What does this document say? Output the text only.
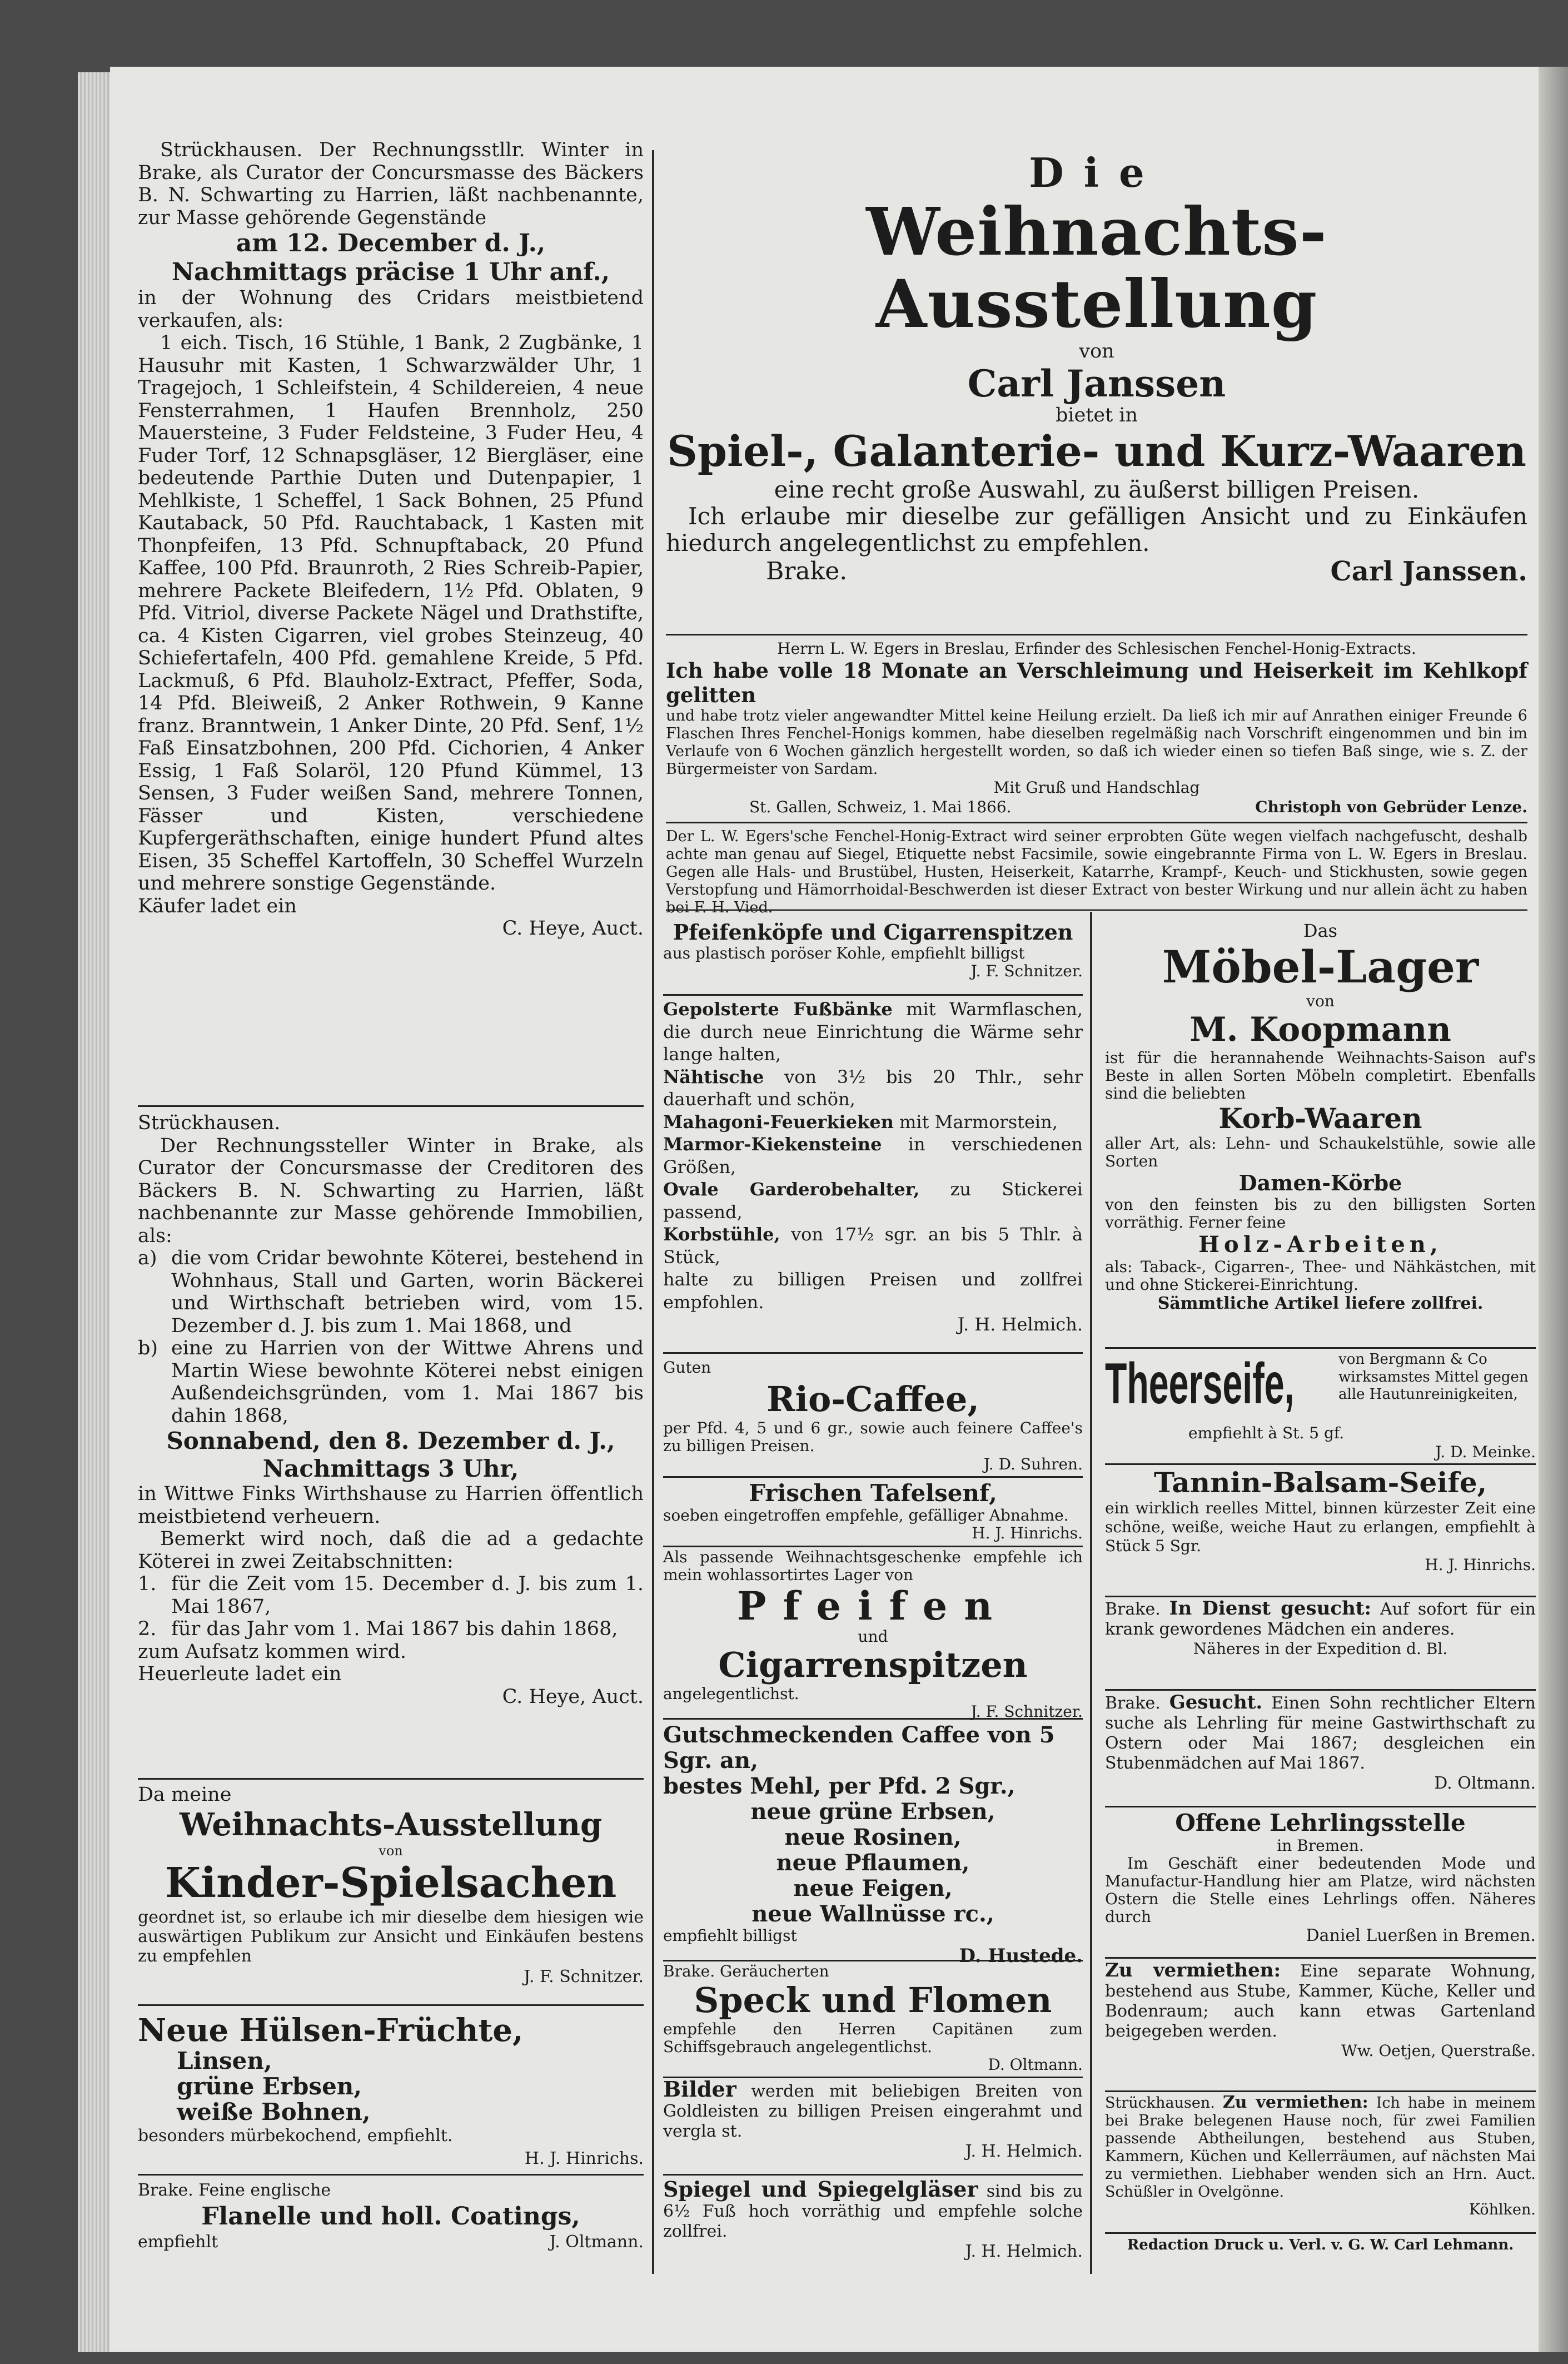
Strückhausen. Der Rechnungsstllr. Winter in Brake, als Curator der Concursmasse des Bäckers B. N. Schwarting zu Harrien, läßt nachbenannte, zur Masse gehörende Gegenstände

am 12. December d. J.,

Nachmittags präcise 1 Uhr anf.,

in der Wohnung des Cridars meistbietend verkaufen, als:

1 eich. Tisch, 16 Stühle, 1 Bank, 2 Zugbänke, 1 Hausuhr mit Kasten, 1 Schwarzwälder Uhr, 1 Tragejoch, 1 Schleifstein, 4 Schildereien, 4 neue Fensterrahmen, 1 Haufen Brennholz, 250 Mauersteine, 3 Fuder Feldsteine, 3 Fuder Heu, 4 Fuder Torf, 12 Schnapsgläser, 12 Biergläser, eine bedeutende Parthie Duten und Dutenpapier, 1 Mehlkiste, 1 Scheffel, 1 Sack Bohnen, 25 Pfund Kautaback, 50 Pfd. Rauchtaback, 1 Kasten mit Thonpfeifen, 13 Pfd. Schnupftaback, 20 Pfund Kaffee, 100 Pfd. Braunroth, 2 Ries Schreib-Papier, mehrere Packete Bleifedern, 1½ Pfd. Oblaten, 9 Pfd. Vitriol, diverse Packete Nägel und Drathstifte, ca. 4 Kisten Cigarren, viel grobes Steinzeug, 40 Schiefertafeln, 400 Pfd. gemahlene Kreide, 5 Pfd. Lackmuß, 6 Pfd. Blauholz-Extract, Pfeffer, Soda, 14 Pfd. Bleiweiß, 2 Anker Rothwein, 9 Kanne franz. Branntwein, 1 Anker Dinte, 20 Pfd. Senf, 1½ Faß Einsatzbohnen, 200 Pfd. Cichorien, 4 Anker Essig, 1 Faß Solaröl, 120 Pfund Kümmel, 13 Sensen, 3 Fuder weißen Sand, mehrere Tonnen, Fässer und Kisten, verschiedene Kupfergeräthschaften, einige hundert Pfund altes Eisen, 35 Scheffel Kartoffeln, 30 Scheffel Wurzeln und mehrere sonstige Gegenstände.

Käufer ladet ein

C. Heye, Auct.

Strückhausen.

Der Rechnungssteller Winter in Brake, als Curator der Concursmasse der Creditoren des Bäckers B. N. Schwarting zu Harrien, läßt nachbenannte zur Masse gehörende Immobilien, als:

a) die vom Cridar bewohnte Köterei, bestehend in Wohnhaus, Stall und Garten, worin Bäckerei und Wirthschaft betrieben wird, vom 15. Dezember d. J. bis zum 1. Mai 1868, und
b) eine zu Harrien von der Wittwe Ahrens und Martin Wiese bewohnte Köterei nebst einigen Außendeichsgründen, vom 1. Mai 1867 bis dahin 1868,

Sonnabend, den 8. Dezember d. J.,

Nachmittags 3 Uhr,

in Wittwe Finks Wirthshause zu Harrien öffentlich meistbietend verheuern.

Bemerkt wird noch, daß die ad a gedachte Köterei in zwei Zeitabschnitten:

1. für die Zeit vom 15. December d. J. bis zum 1. Mai 1867,
2. für das Jahr vom 1. Mai 1867 bis dahin 1868,

zum Aufsatz kommen wird.

Heuerleute ladet ein

C. Heye, Auct.

Da meine

Weihnachts-Ausstellung

von

Kinder-Spielsachen

geordnet ist, so erlaube ich mir dieselbe dem hiesigen wie auswärtigen Publikum zur Ansicht und Einkäufen bestens zu empfehlen

J. F. Schnitzer.

Neue Hülsen-Früchte,

Linsen,

grüne Erbsen,

weiße Bohnen,

besonders mürbekochend, empfiehlt.

H. J. Hinrichs.

Brake. Feine englische

Flanelle und holl. Coatings,

empfiehlt	J. Oltmann.

Die

Weihnachts-Ausstellung

von

Carl Janssen

bietet in

Spiel-, Galanterie- und Kurz-Waaren

eine recht große Auswahl, zu äußerst billigen Preisen.

Ich erlaube mir dieselbe zur gefälligen Ansicht und zu Einkäufen hiedurch angelegentlichst zu empfehlen.

Brake.	Carl Janssen.

Herrn L. W. Egers in Breslau, Erfinder des Schlesischen Fenchel-Honig-Extracts.

Ich habe volle 18 Monate an Verschleimung und Heiserkeit im Kehlkopf gelitten

und habe trotz vieler angewandter Mittel keine Heilung erzielt. Da ließ ich mir auf Anrathen einiger Freunde 6 Flaschen Ihres Fenchel-Honigs kommen, habe dieselben regelmäßig nach Vorschrift eingenommen und bin im Verlaufe von 6 Wochen gänzlich hergestellt worden, so daß ich wieder einen so tiefen Baß singe, wie s. Z. der Bürgermeister von Sardam.

Mit Gruß und Handschlag

St. Gallen, Schweiz, 1. Mai 1866.	Christoph von Gebrüder Lenze.

Der L. W. Egers'sche Fenchel-Honig-Extract wird seiner erprobten Güte wegen vielfach nachgefuscht, deshalb achte man genau auf Siegel, Etiquette nebst Facsimile, sowie eingebrannte Firma von L. W. Egers in Breslau. Gegen alle Hals- und Brustübel, Husten, Heiserkeit, Katarrhe, Krampf-, Keuch- und Stickhusten, sowie gegen Verstopfung und Hämorrhoidal-Beschwerden ist dieser Extract von bester Wirkung und nur allein ächt zu haben bei F. H. Vied.

Pfeifenköpfe und Cigarrenspitzen

aus plastisch poröser Kohle, empfiehlt billigst

J. F. Schnitzer.

Gepolsterte Fußbänke mit Warmflaschen, die durch neue Einrichtung die Wärme sehr lange halten,

Nähtische von 3½ bis 20 Thlr., sehr dauerhaft und schön,

Mahagoni-Feuerkieken mit Marmorstein,

Marmor-Kiekensteine in verschiedenen Größen,

Ovale Garderobehalter, zu Stickerei passend,

Korbstühle, von 17½ sgr. an bis 5 Thlr. à Stück,

halte zu billigen Preisen und zollfrei empfohlen.

J. H. Helmich.

Guten

Rio-Caffee,

per Pfd. 4, 5 und 6 gr., sowie auch feinere Caffee's zu billigen Preisen.

J. D. Suhren.

Frischen Tafelsenf,

soeben eingetroffen empfehle, gefälliger Abnahme.

H. J. Hinrichs.

Als passende Weihnachtsgeschenke empfehle ich mein wohlassortirtes Lager von

Pfeifen

und

Cigarrenspitzen

angelegentlichst.

J. F. Schnitzer.

Gutschmeckenden Caffee von 5 Sgr. an,

bestes Mehl, per Pfd. 2 Sgr.,

neue grüne Erbsen,

neue Rosinen,

neue Pflaumen,

neue Feigen,

neue Wallnüsse rc.,

empfiehlt billigst

D. Hustede.

Brake. Geräucherten

Speck und Flomen

empfehle den Herren Capitänen zum Schiffsgebrauch angelegentlichst.

D. Oltmann.

Bilder werden mit beliebigen Breiten von Goldleisten zu billigen Preisen eingerahmt und vergla st.

J. H. Helmich.

Spiegel und Spiegelgläser sind bis zu 6½ Fuß hoch vorräthig und empfehle solche zollfrei.

J. H. Helmich.

Das

Möbel-Lager

von

M. Koopmann

ist für die herannahende Weihnachts-Saison auf's Beste in allen Sorten Möbeln completirt. Ebenfalls sind die beliebten

Korb-Waaren

aller Art, als: Lehn- und Schaukelstühle, sowie alle Sorten

Damen-Körbe

von den feinsten bis zu den billigsten Sorten vorräthig. Ferner feine

Holz-Arbeiten,

als: Taback-, Cigarren-, Thee- und Nähkästchen, mit und ohne Stickerei-Einrichtung.

Sämmtliche Artikel liefere zollfrei.

Theerseife,	von Bergmann & Co

wirksamstes Mittel gegen alle Hautunreinigkeiten,

empfiehlt à St. 5 gf.

J. D. Meinke.

Tannin-Balsam-Seife,

ein wirklich reelles Mittel, binnen kürzester Zeit eine schöne, weiße, weiche Haut zu erlangen, empfiehlt à Stück 5 Sgr.

H. J. Hinrichs.

Brake. In Dienst gesucht: Auf sofort für ein krank gewordenes Mädchen ein anderes.

Näheres in der Expedition d. Bl.

Brake. Gesucht. Einen Sohn rechtlicher Eltern suche als Lehrling für meine Gastwirthschaft zu Ostern oder Mai 1867; desgleichen ein Stubenmädchen auf Mai 1867.

D. Oltmann.

Offene Lehrlingsstelle

in Bremen.

Im Geschäft einer bedeutenden Mode und Manufactur-Handlung hier am Platze, wird nächsten Ostern die Stelle eines Lehrlings offen. Näheres durch

Daniel Luerßen in Bremen.

Zu vermiethen: Eine separate Wohnung, bestehend aus Stube, Kammer, Küche, Keller und Bodenraum; auch kann etwas Gartenland beigegeben werden.

Ww. Oetjen, Querstraße.

Strückhausen. Zu vermiethen: Ich habe in meinem bei Brake belegenen Hause noch, für zwei Familien passende Abtheilungen, bestehend aus Stuben, Kammern, Küchen und Kellerräumen, auf nächsten Mai zu vermiethen. Liebhaber wenden sich an Hrn. Auct. Schüßler in Ovelgönne.

Köhlken.

Redaction Druck u. Verl. v. G. W. Carl Lehmann.
